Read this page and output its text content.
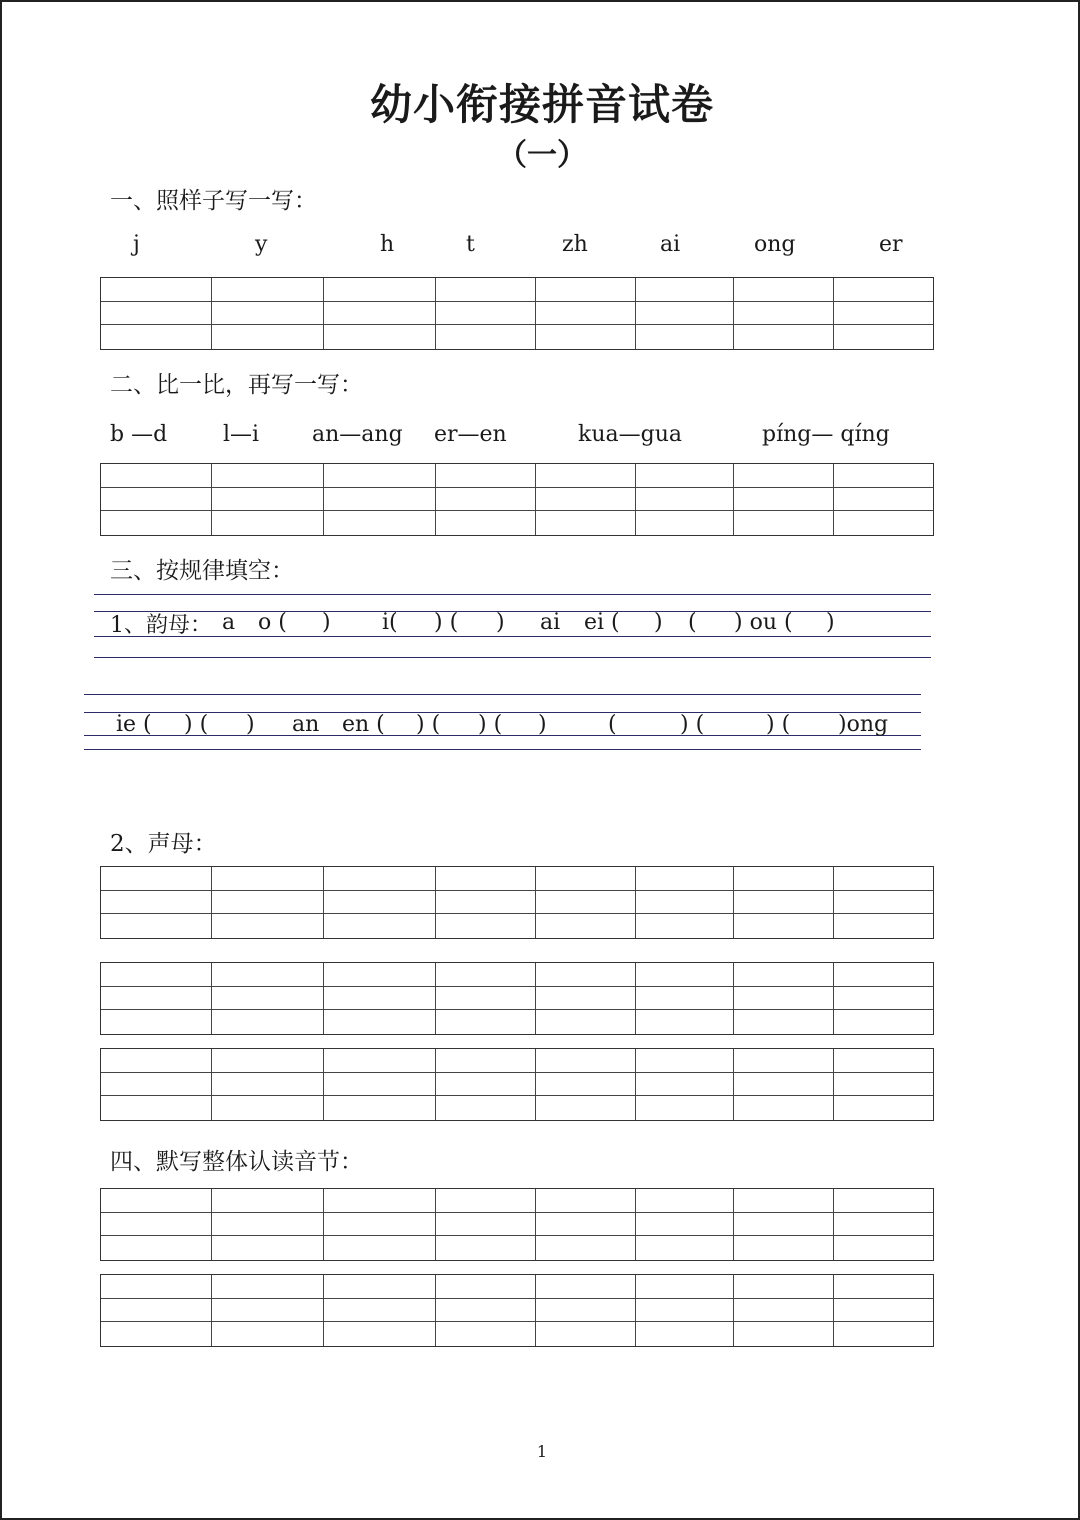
幼小衔接拼音试卷
（一）
一、照样子写一写：
j	y	h	t	zh	ai	ong	er
二、比一比，再写一写：
b —d	l—i an—ang er—en	kua—gua	pɪ́ng— qɪ́ng
三、按规律填空：
1、韵母： a o ( ) i( ) ( ) ai ei ( ) ( ) ou ( )
ie ( ) ( ) an en ( ) ( ) ( )	(	) (	) ( )ong
2、声母：
四、默写整体认读音节：
1
